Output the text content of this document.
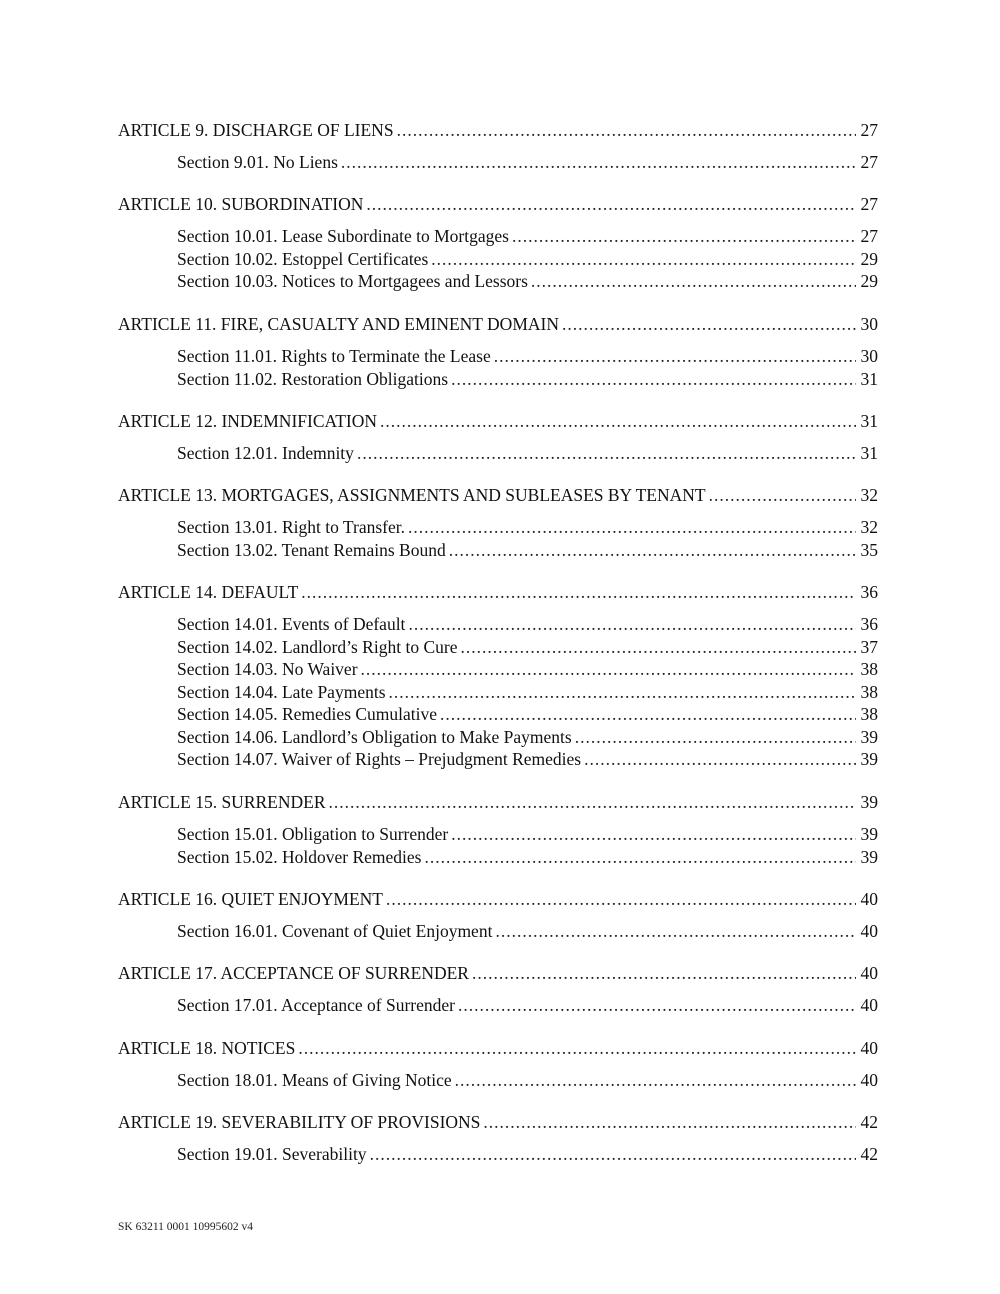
ARTICLE 9. DISCHARGE OF LIENS .....	27
Section 9.01. No Liens .....	27
ARTICLE 10. SUBORDINATION .....	27
Section 10.01. Lease Subordinate to Mortgages .....	27
Section 10.02. Estoppel Certificates .....	29
Section 10.03. Notices to Mortgagees and Lessors .....	29
ARTICLE 11. FIRE, CASUALTY AND EMINENT DOMAIN .....	30
Section 11.01. Rights to Terminate the Lease .....	30
Section 11.02. Restoration Obligations .....	31
ARTICLE 12. INDEMNIFICATION .....	31
Section 12.01. Indemnity .....	31
ARTICLE 13. MORTGAGES, ASSIGNMENTS AND SUBLEASES BY TENANT .....	32
Section 13.01. Right to Transfer. .....	32
Section 13.02. Tenant Remains Bound .....	35
ARTICLE 14. DEFAULT .....	36
Section 14.01. Events of Default .....	36
Section 14.02. Landlord’s Right to Cure .....	37
Section 14.03. No Waiver .....	38
Section 14.04. Late Payments .....	38
Section 14.05. Remedies Cumulative .....	38
Section 14.06. Landlord’s Obligation to Make Payments .....	39
Section 14.07. Waiver of Rights – Prejudgment Remedies .....	39
ARTICLE 15. SURRENDER .....	39
Section 15.01. Obligation to Surrender .....	39
Section 15.02. Holdover Remedies .....	39
ARTICLE 16. QUIET ENJOYMENT .....	40
Section 16.01. Covenant of Quiet Enjoyment .....	40
ARTICLE 17. ACCEPTANCE OF SURRENDER .....	40
Section 17.01. Acceptance of Surrender .....	40
ARTICLE 18. NOTICES .....	40
Section 18.01. Means of Giving Notice .....	40
ARTICLE 19. SEVERABILITY OF PROVISIONS .....	42
Section 19.01. Severability .....	42
SK 63211 0001 10995602 v4
